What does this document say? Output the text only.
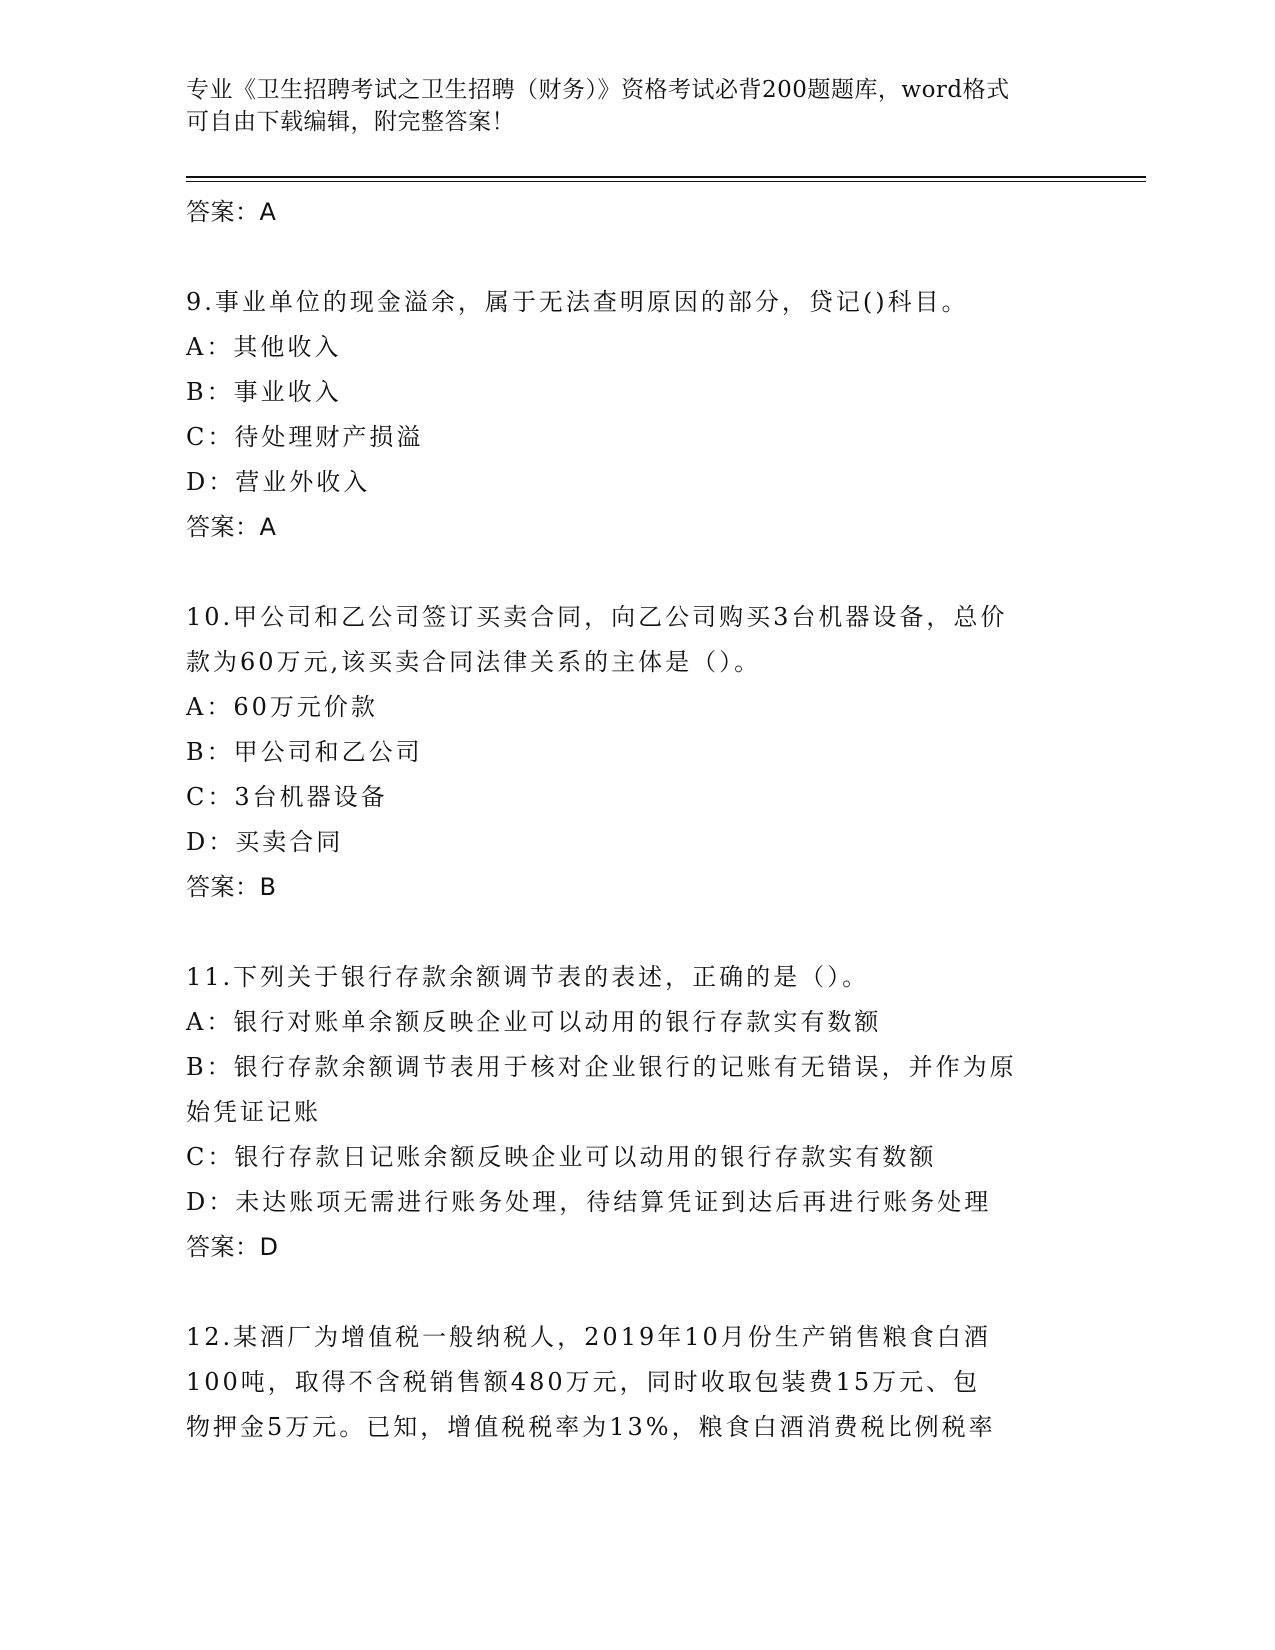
专业《卫生招聘考试之卫生招聘（财务）》资格考试必背200题题库，word格式
可自由下载编辑，附完整答案！

答案：A

9.事业单位的现金溢余，属于无法查明原因的部分，贷记()科目。

A：其他收入

B：事业收入

C：待处理财产损溢

D：营业外收入

答案：A

10.甲公司和乙公司签订买卖合同，向乙公司购买3台机器设备，总价

款为60万元,该买卖合同法律关系的主体是（）。

A：60万元价款

B：甲公司和乙公司

C：3台机器设备

D：买卖合同

答案：B

11.下列关于银行存款余额调节表的表述，正确的是（）。

A：银行对账单余额反映企业可以动用的银行存款实有数额

B：银行存款余额调节表用于核对企业银行的记账有无错误，并作为原

始凭证记账

C：银行存款日记账余额反映企业可以动用的银行存款实有数额

D：未达账项无需进行账务处理，待结算凭证到达后再进行账务处理

答案：D

12.某酒厂为增值税一般纳税人，2019年10月份生产销售粮食白酒

100吨，取得不含税销售额480万元，同时收取包装费15万元、包

物押金5万元。已知，增值税税率为13%，粮食白酒消费税比例税率
